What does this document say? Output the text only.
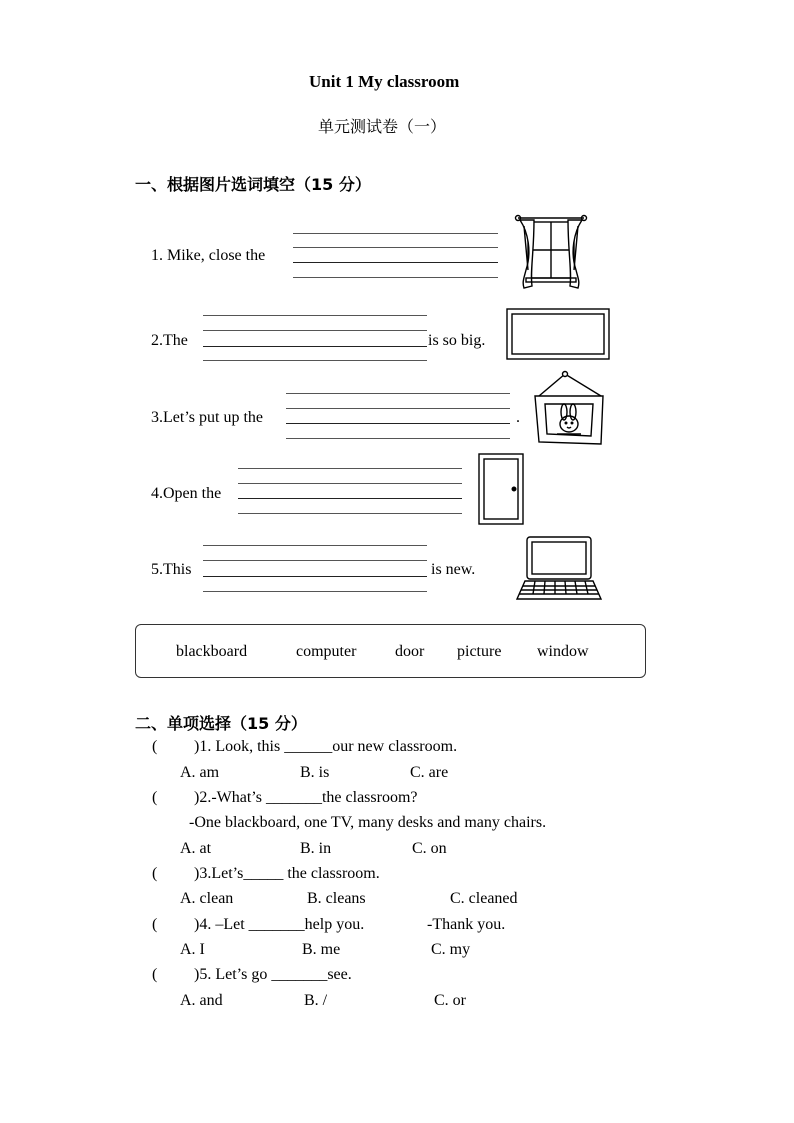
Unit 1 My classroom
单元测试卷（一）
一、根据图片选词填空（15 分）
1. Mike, close the
2.The	is so big.
3.Let’s put up the	.
4.Open the
5.This	is new.
blackboard	computer door picture window
二、单项选择（15 分）
( )1. Look, this ______our new classroom.
A. am	B. is	C. are
( )2.-What’s _______the classroom?
-One blackboard, one TV, many desks and many chairs.
A. at	B. in	C. on
( )3.Let’s_____ the classroom.
A. clean	B. cleans	C. cleaned
( )4. –Let _______help you.	-Thank you.
A. I	B. me	C. my
( )5. Let’s go _______see.
A. and	B. /	C. or
